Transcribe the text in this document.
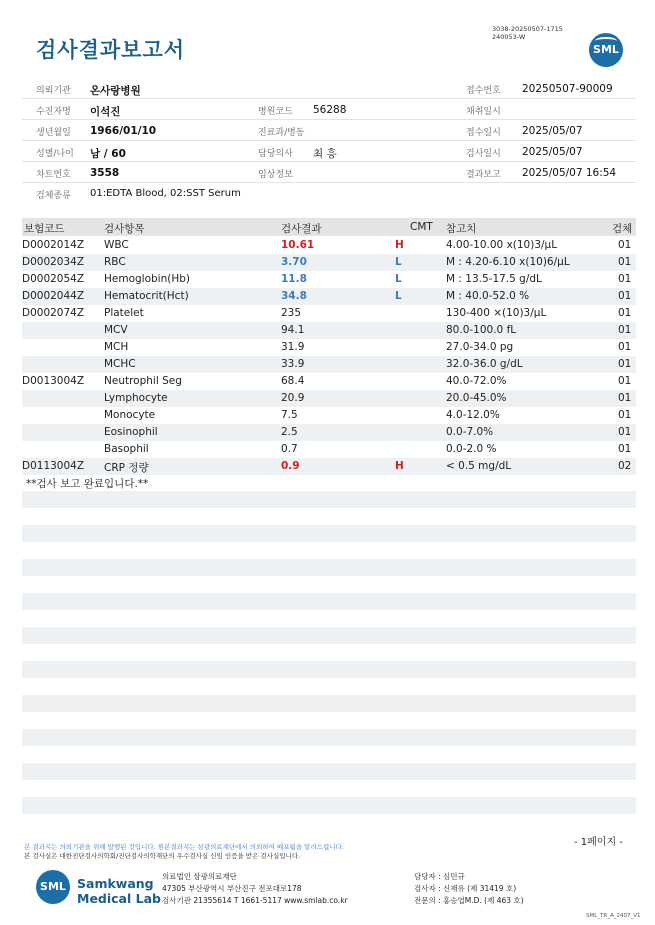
검사결과보고서
3038-20250507-1715
240053-W
SML
의뢰기관 온사랑병원	접수번호 20250507-90009
수진자명 이석진	병원코드 56288	채취일시
생년월일 1966/01/10	진료과/병동	접수일시 2025/05/07
성별/나이 남 / 60	담당의사 최 흥	검사일시 2025/05/07
차트번호 3558	임상정보	결과보고 2025/05/07 16:54
검체종류 01:EDTA Blood, 02:SST Serum
보험코드	검사항목	검사결과	CMT 참고치	검체
D0002014Z WBC	10.61	H	4.00-10.00 x(10)3/μL	01
D0002034Z RBC	3.70	L	M : 4.20-6.10 x(10)6/μL	01
D0002054Z Hemoglobin(Hb)	11.8	L	M : 13.5-17.5 g/dL	01
D0002044Z Hematocrit(Hct)	34.8	L	M : 40.0-52.0 %	01
D0002074Z Platelet	235	130-400 ×(10)3/μL	01
MCV	94.1	80.0-100.0 fL	01
MCH	31.9	27.0-34.0 pg	01
MCHC	33.9	32.0-36.0 g/dL	01
D0013004Z Neutrophil Seg	68.4	40.0-72.0%	01
Lymphocyte	20.9	20.0-45.0%	01
Monocyte	7.5	4.0-12.0%	01
Eosinophil	2.5	0.0-7.0%	01
Basophil	0.7	0.0-2.0 %	01
D0113004Z CRP 정량	0.9	H	< 0.5 mg/dL	02
**검사 보고 완료입니다.**
본 결과지는 의뢰기관을 위해 발행된 것입니다. 원본결과지는 삼광의료재단에서 의뢰하여 배포됨을 알려드립니다.
본 검사실은 대한진단검사의학회/진단검사의학재단의 우수검사실 신임 인증을 받은 검사실입니다.
- 1페이지 -
SML Samkwang
Medical Lab
의료법인 삼광의료재단
47305 부산광역시 부산진구 전포대로178
검사기관 21355614 T 1661-5117 www.smlab.co.kr
담당자 : 심민규
검사자 : 신재유 (제 31419 호)
전문의 : 홍승엽M.D. (제 463 호)
SML_TR_A_2407_V1
